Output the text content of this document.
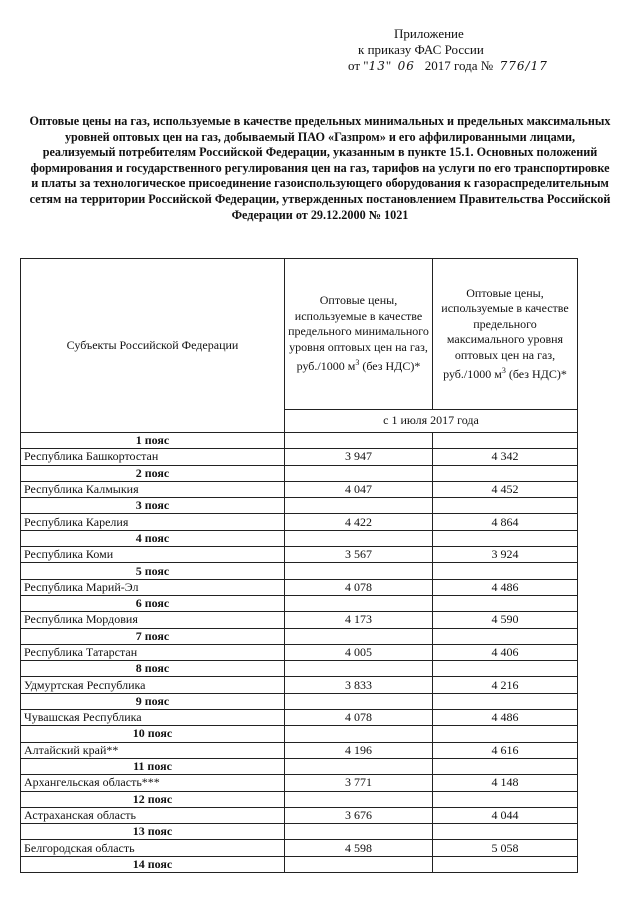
Приложение
к приказу ФАС России
от "13" 06 2017 года № 776/17
Оптовые цены на газ, используемые в качестве предельных минимальных и предельных максимальных уровней оптовых цен на газ, добываемый ПАО «Газпром» и его аффилированными лицами, реализуемый потребителям Российской Федерации, указанным в пункте 15.1. Основных положений формирования и государственного регулирования цен на газ, тарифов на услуги по его транспортировке и платы за технологическое присоединение газоиспользующего оборудования к газораспределительным сетям на территории Российской Федерации, утвержденных постановлением Правительства Российской Федерации от 29.12.2000 № 1021
Субъекты Российской Федерации	Оптовые цены, используемые в качестве предельного минимального уровня оптовых цен на газ, руб./1000 $м^3$ (без НДС)*	Оптовые цены, используемые в качестве предельного максимального уровня оптовых цен на газ, руб./1000 $м^3$ (без НДС)*
	с 1 июля 2017 года	
1 пояс		
Республика Башкортостан	3 947	4 342
2 пояс		
Республика Калмыкия	4 047	4 452
3 пояс		
Республика Карелия	4 422	4 864
4 пояс		
Республика Коми	3 567	3 924
5 пояс		
Республика Марий-Эл	4 078	4 486
6 пояс		
Республика Мордовия	4 173	4 590
7 пояс		
Республика Татарстан	4 005	4 406
8 пояс		
Удмуртская Республика	3 833	4 216
9 пояс		
Чувашская Республика	4 078	4 486
10 пояс		
Алтайский край**	4 196	4 616
11 пояс		
Архангельская область***	3 771	4 148
12 пояс		
Астраханская область	3 676	4 044
13 пояс		
Белгородская область	4 598	5 058
14 пояс		
